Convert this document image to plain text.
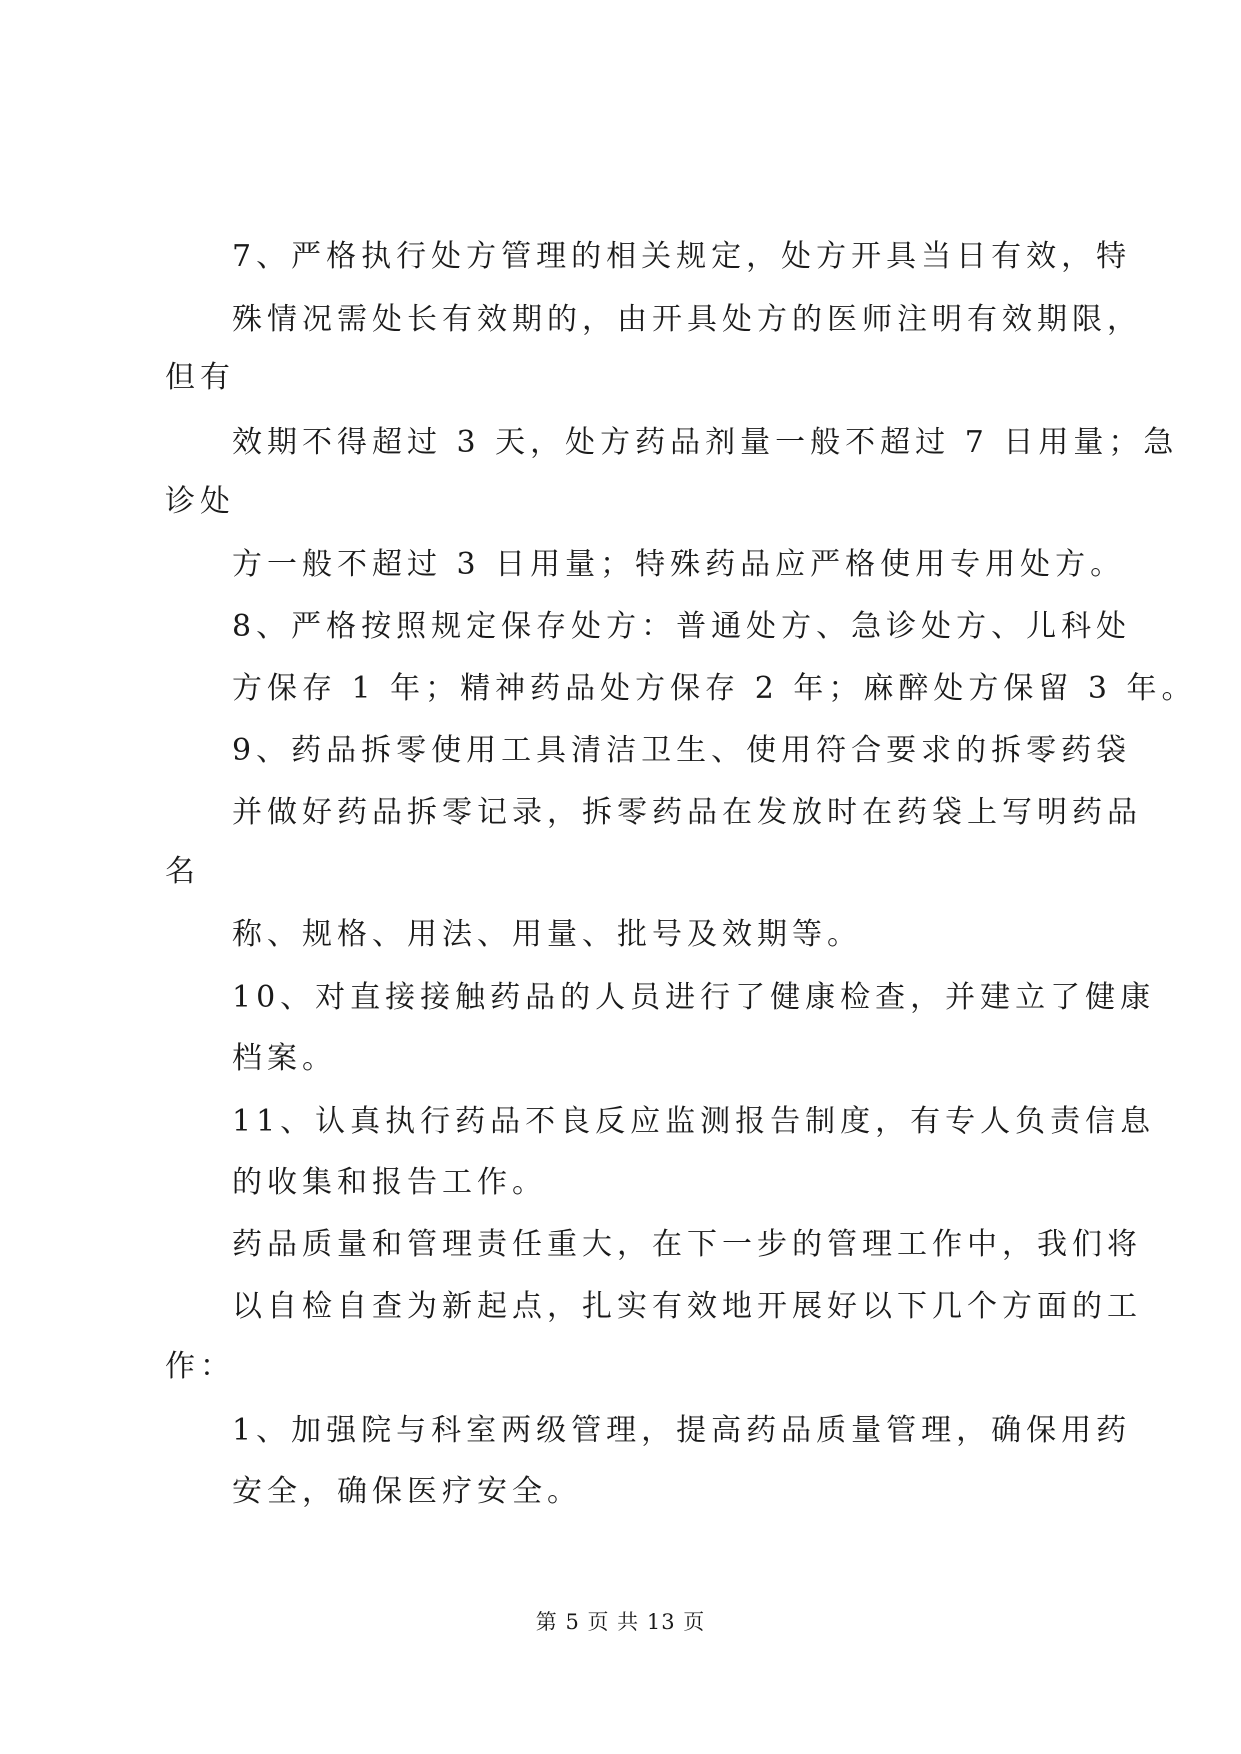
7、严格执行处方管理的相关规定，处方开具当日有效，特
殊情况需处长有效期的，由开具处方的医师注明有效期限，
但有
效期不得超过 3 天，处方药品剂量一般不超过 7 日用量；急
诊处
方一般不超过 3 日用量；特殊药品应严格使用专用处方。
8、严格按照规定保存处方：普通处方、急诊处方、儿科处
方保存 1 年；精神药品处方保存 2 年；麻醉处方保留 3 年。
9、药品拆零使用工具清洁卫生、使用符合要求的拆零药袋
并做好药品拆零记录，拆零药品在发放时在药袋上写明药品
名
称、规格、用法、用量、批号及效期等。
10、对直接接触药品的人员进行了健康检查，并建立了健康
档案。
11、认真执行药品不良反应监测报告制度，有专人负责信息
的收集和报告工作。
药品质量和管理责任重大，在下一步的管理工作中，我们将
以自检自查为新起点，扎实有效地开展好以下几个方面的工
作：
1、加强院与科室两级管理，提高药品质量管理，确保用药
安全，确保医疗安全。
第 5 页 共 13 页
